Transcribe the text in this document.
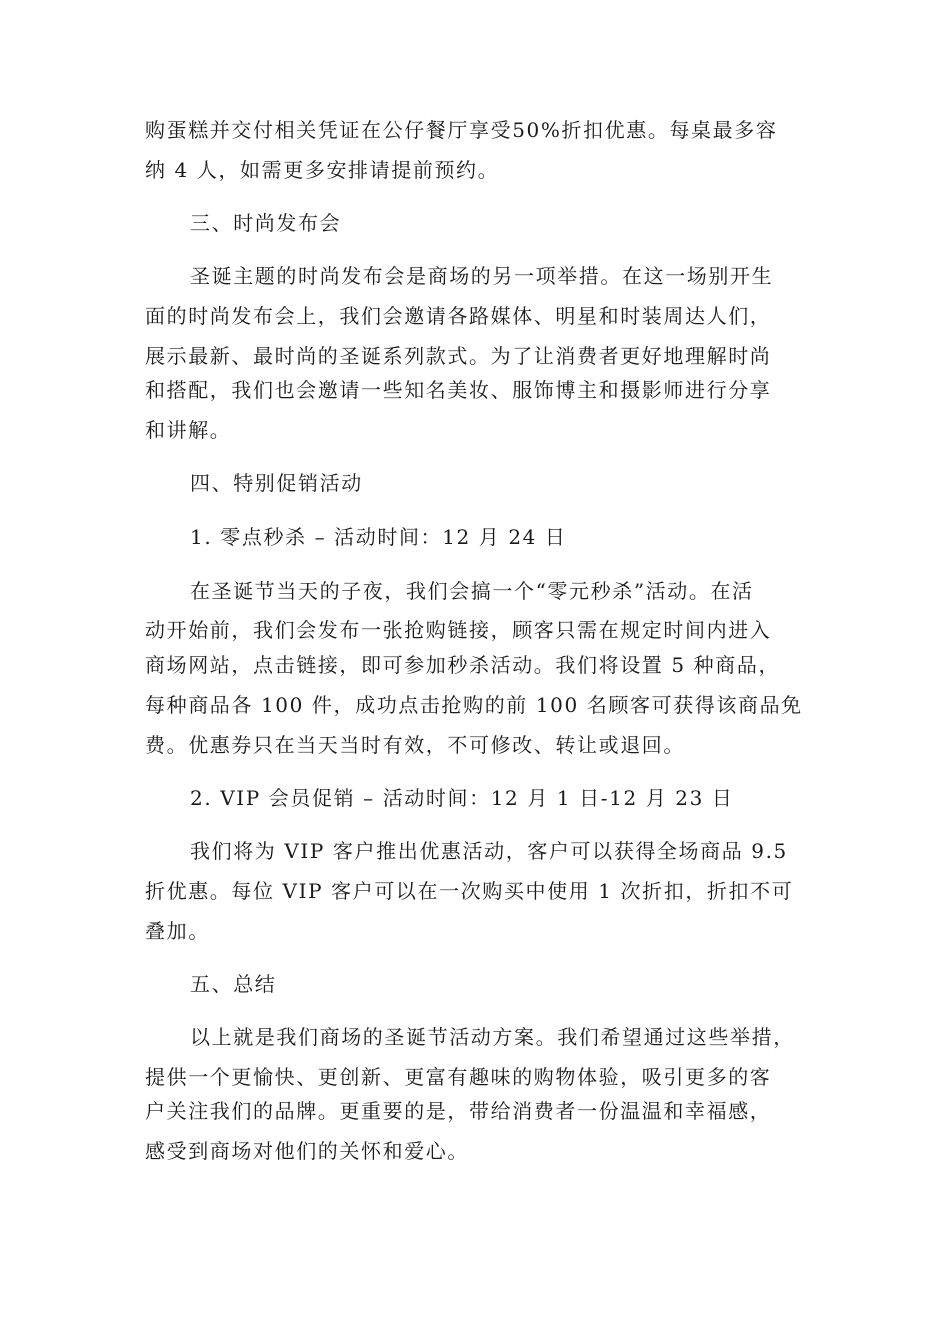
购蛋糕并交付相关凭证在公仔餐厅享受50%折扣优惠。每桌最多容
纳 4 人，如需更多安排请提前预约。
三、时尚发布会
圣诞主题的时尚发布会是商场的另一项举措。在这一场别开生
面的时尚发布会上，我们会邀请各路媒体、明星和时装周达人们，
展示最新、最时尚的圣诞系列款式。为了让消费者更好地理解时尚
和搭配，我们也会邀请一些知名美妆、服饰博主和摄影师进行分享
和讲解。
四、特别促销活动
1. 零点秒杀 – 活动时间：12 月 24 日
在圣诞节当天的子夜，我们会搞一个“零元秒杀”活动。在活
动开始前，我们会发布一张抢购链接，顾客只需在规定时间内进入
商场网站，点击链接，即可参加秒杀活动。我们将设置 5 种商品，
每种商品各 100 件，成功点击抢购的前 100 名顾客可获得该商品免
费。优惠券只在当天当时有效，不可修改、转让或退回。
2. VIP 会员促销 – 活动时间：12 月 1 日-12 月 23 日
我们将为 VIP 客户推出优惠活动，客户可以获得全场商品 9.5
折优惠。每位 VIP 客户可以在一次购买中使用 1 次折扣，折扣不可
叠加。
五、总结
以上就是我们商场的圣诞节活动方案。我们希望通过这些举措，
提供一个更愉快、更创新、更富有趣味的购物体验，吸引更多的客
户关注我们的品牌。更重要的是，带给消费者一份温温和幸福感，
感受到商场对他们的关怀和爱心。
